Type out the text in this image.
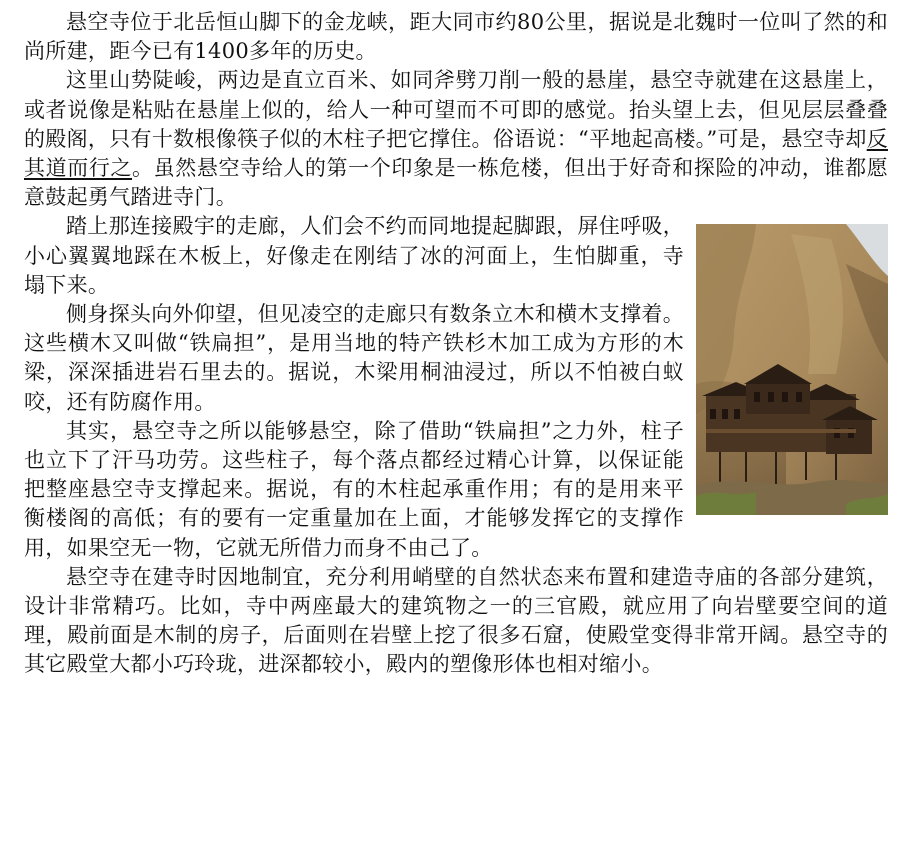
悬空寺位于北岳恒山脚下的金龙峡，距大同市约80公里，据说是北魏时一位叫了然的和尚所建，距今已有1400多年的历史。

这里山势陡峻，两边是直立百米、如同斧劈刀削一般的悬崖，悬空寺就建在这悬崖上，或者说像是粘贴在悬崖上似的，给人一种可望而不可即的感觉。抬头望上去，但见层层叠叠的殿阁，只有十数根像筷子似的木柱子把它撑住。俗语说：“平地起高楼。”可是，悬空寺却反其道而行之。虽然悬空寺给人的第一个印象是一栋危楼，但出于好奇和探险的冲动，谁都愿意鼓起勇气踏进寺门。

踏上那连接殿宇的走廊，人们会不约而同地提起脚跟，屏住呼吸，小心翼翼地踩在木板上，好像走在刚结了冰的河面上，生怕脚重，寺塌下来。

侧身探头向外仰望，但见凌空的走廊只有数条立木和横木支撑着。这些横木又叫做“铁扁担”，是用当地的特产铁杉木加工成为方形的木梁，深深插进岩石里去的。据说，木梁用桐油浸过，所以不怕被白蚁咬，还有防腐作用。

其实，悬空寺之所以能够悬空，除了借助“铁扁担”之力外，柱子也立下了汗马功劳。这些柱子，每个落点都经过精心计算，以保证能把整座悬空寺支撑起来。据说，有的木柱起承重作用；有的是用来平衡楼阁的高低；有的要有一定重量加在上面，才能够发挥它的支撑作用，如果空无一物，它就无所借力而身不由己了。

悬空寺在建寺时因地制宜，充分利用峭壁的自然状态来布置和建造寺庙的各部分建筑，设计非常精巧。比如，寺中两座最大的建筑物之一的三官殿，就应用了向岩壁要空间的道理，殿前面是木制的房子，后面则在岩壁上挖了很多石窟，使殿堂变得非常开阔。悬空寺的其它殿堂大都小巧玲珑，进深都较小，殿内的塑像形体也相对缩小。
